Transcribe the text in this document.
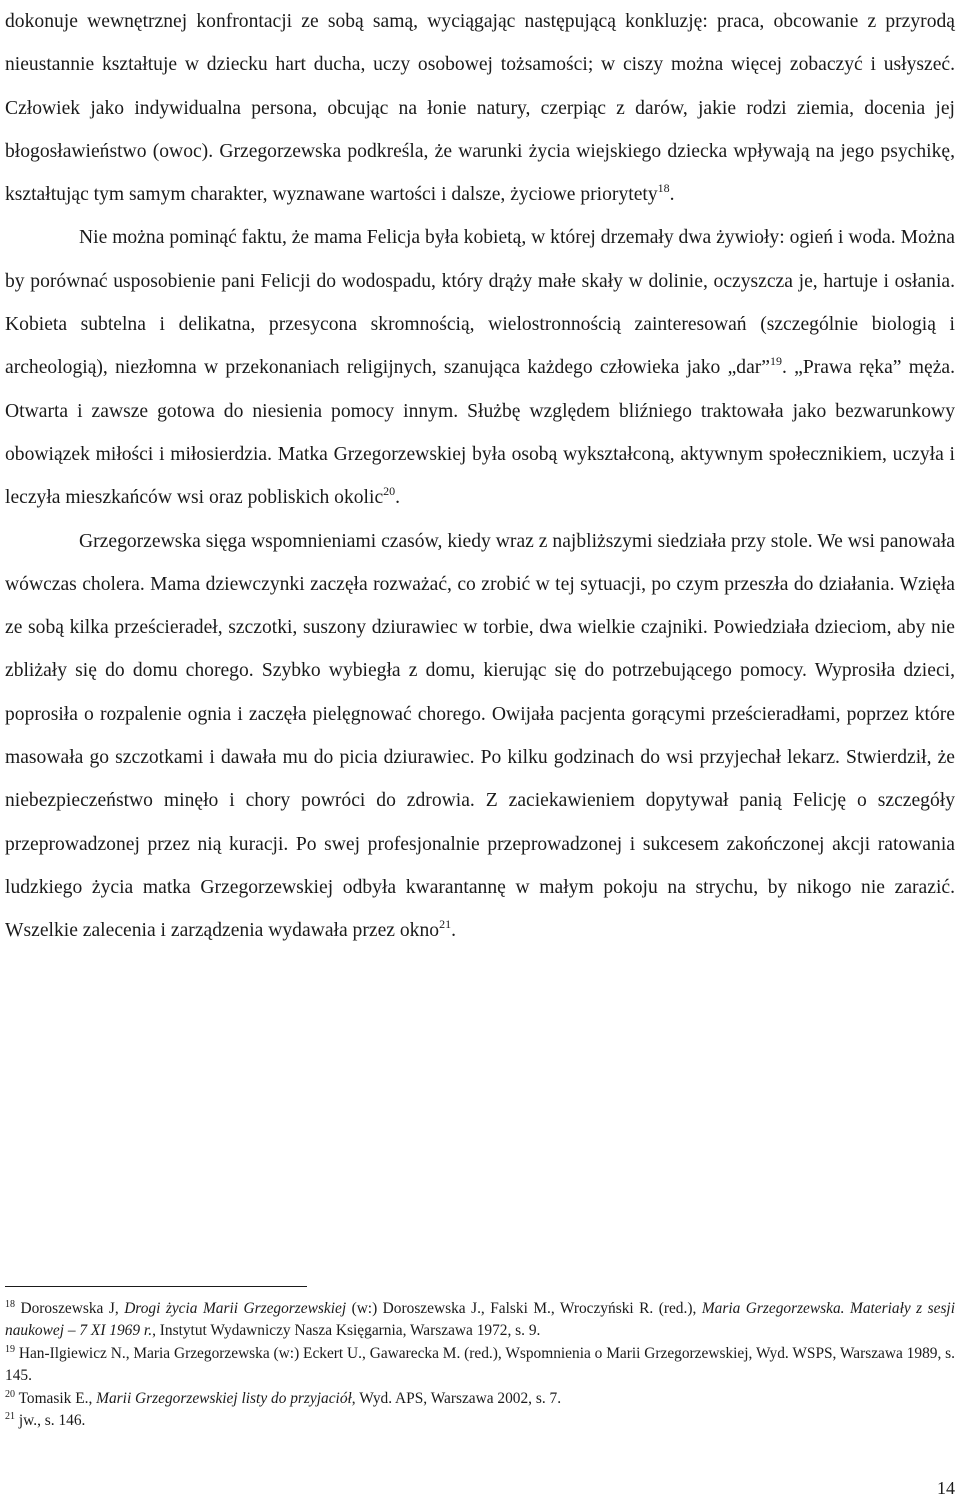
dokonuje wewnętrznej konfrontacji ze sobą samą, wyciągając następującą konkluzję: praca, obcowanie z przyrodą nieustannie kształtuje w dziecku hart ducha, uczy osobowej tożsamości; w ciszy można więcej zobaczyć i usłyszeć. Człowiek jako indywidualna persona, obcując na łonie natury, czerpiąc z darów, jakie rodzi ziemia, docenia jej błogosławieństwo (owoc). Grzegorzewska podkreśla, że warunki życia wiejskiego dziecka wpływają na jego psychikę, kształtując tym samym charakter, wyznawane wartości i dalsze, życiowe priorytety$^{18}$.

Nie można pominąć faktu, że mama Felicja była kobietą, w której drzemały dwa żywioły: ogień i woda. Można by porównać usposobienie pani Felicji do wodospadu, który drąży małe skały w dolinie, oczyszcza je, hartuje i osłania. Kobieta subtelna i delikatna, przesycona skromnością, wielostronnością zainteresowań (szczególnie biologią i archeologią), niezłomna w przekonaniach religijnych, szanująca każdego człowieka jako „dar”$^{19}$. „Prawa ręka” męża. Otwarta i zawsze gotowa do niesienia pomocy innym. Służbę względem bliźniego traktowała jako bezwarunkowy obowiązek miłości i miłosierdzia. Matka Grzegorzewskiej była osobą wykształconą, aktywnym społecznikiem, uczyła i leczyła mieszkańców wsi oraz pobliskich okolic$^{20}$.

Grzegorzewska sięga wspomnieniami czasów, kiedy wraz z najbliższymi siedziała przy stole. We wsi panowała wówczas cholera. Mama dziewczynki zaczęła rozważać, co zrobić w tej sytuacji, po czym przeszła do działania. Wzięła ze sobą kilka prześcieradeł, szczotki, suszony dziurawiec w torbie, dwa wielkie czajniki. Powiedziała dzieciom, aby nie zbliżały się do domu chorego. Szybko wybiegła z domu, kierując się do potrzebującego pomocy. Wyprosiła dzieci, poprosiła o rozpalenie ognia i zaczęła pielęgnować chorego. Owijała pacjenta gorącymi prześcieradłami, poprzez które masowała go szczotkami i dawała mu do picia dziurawiec. Po kilku godzinach do wsi przyjechał lekarz. Stwierdził, że niebezpieczeństwo minęło i chory powróci do zdrowia. Z zaciekawieniem dopytywał panią Felicję o szczegóły przeprowadzonej przez nią kuracji. Po swej profesjonalnie przeprowadzonej i sukcesem zakończonej akcji ratowania ludzkiego życia matka Grzegorzewskiej odbyła kwarantannę w małym pokoju na strychu, by nikogo nie zarazić. Wszelkie zalecenia i zarządzenia wydawała przez okno$^{21}$.

$^{18}$ Doroszewska J, Drogi życia Marii Grzegorzewskiej (w:) Doroszewska J., Falski M., Wroczyński R. (red.), Maria Grzegorzewska. Materiały z sesji naukowej – 7 XI 1969 r., Instytut Wydawniczy Nasza Księgarnia, Warszawa 1972, s. 9.

$^{19}$ Han-Ilgiewicz N., Maria Grzegorzewska (w:) Eckert U., Gawarecka M. (red.), Wspomnienia o Marii Grzegorzewskiej, Wyd. WSPS, Warszawa 1989, s. 145.

$^{20}$ Tomasik E., Marii Grzegorzewskiej listy do przyjaciół, Wyd. APS, Warszawa 2002, s. 7.

$^{21}$ jw., s. 146.

14
